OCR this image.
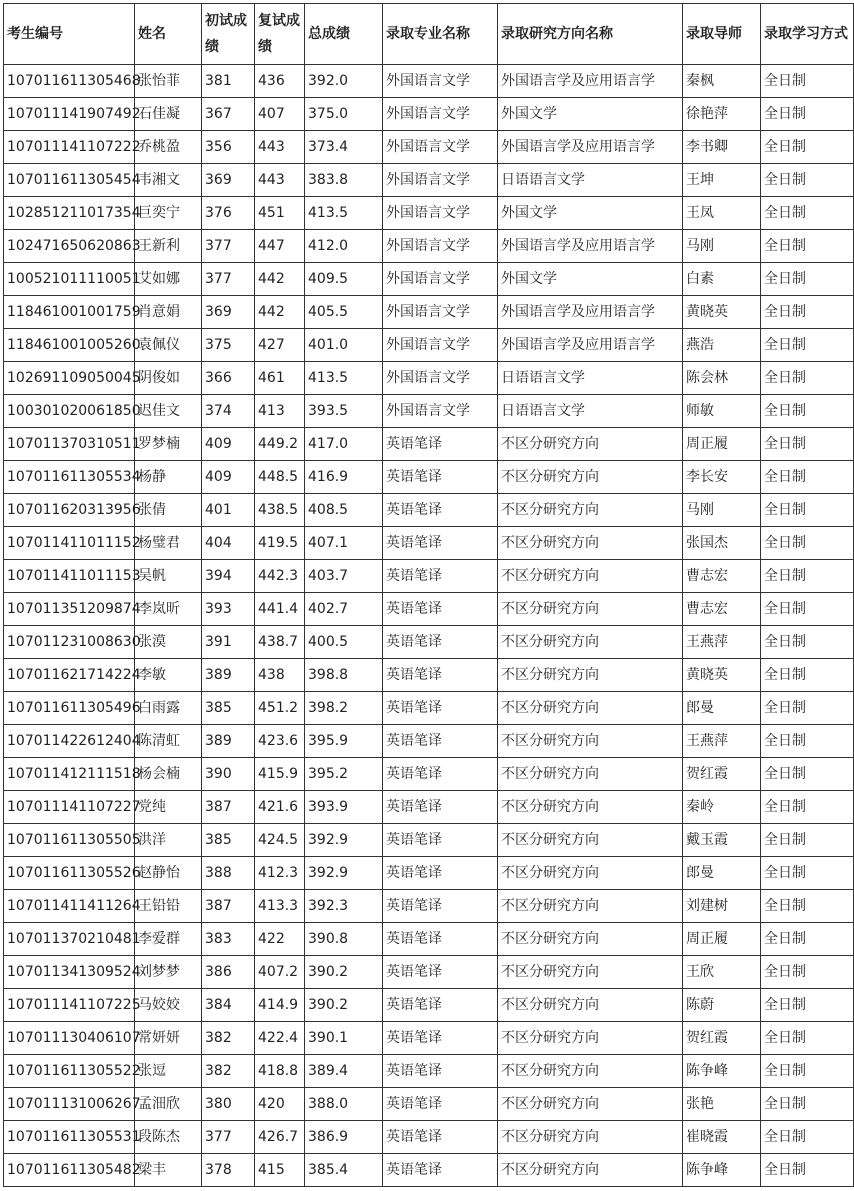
考生编号	姓名	初试成绩	复试成绩	总成绩	录取专业名称	录取研究方向名称	录取导师	录取学习方式
107011611305468	张怡菲	381	436	392.0	外国语言文学	外国语言学及应用语言学	秦枫	全日制
107011141907492	石佳凝	367	407	375.0	外国语言文学	外国文学	徐艳萍	全日制
107011141107222	乔桃盈	356	443	373.4	外国语言文学	外国语言学及应用语言学	李书卿	全日制
107011611305454	韦湘文	369	443	383.8	外国语言文学	日语语言文学	王坤	全日制
102851211017354	巨奕宁	376	451	413.5	外国语言文学	外国文学	王凤	全日制
102471650620863	王新利	377	447	412.0	外国语言文学	外国语言学及应用语言学	马刚	全日制
100521011110051	艾如娜	377	442	409.5	外国语言文学	外国文学	白素	全日制
118461001001759	肖意娟	369	442	405.5	外国语言文学	外国语言学及应用语言学	黄晓英	全日制
118461001005260	袁佩仪	375	427	401.0	外国语言文学	外国语言学及应用语言学	燕浩	全日制
102691109050045	阴俊如	366	461	413.5	外国语言文学	日语语言文学	陈会林	全日制
100301020061850	迟佳文	374	413	393.5	外国语言文学	日语语言文学	师敏	全日制
107011370310511	罗梦楠	409	449.2	417.0	英语笔译	不区分研究方向	周正履	全日制
107011611305534	杨静	409	448.5	416.9	英语笔译	不区分研究方向	李长安	全日制
107011620313956	张倩	401	438.5	408.5	英语笔译	不区分研究方向	马刚	全日制
107011411011152	杨璧君	404	419.5	407.1	英语笔译	不区分研究方向	张国杰	全日制
107011411011153	吴帆	394	442.3	403.7	英语笔译	不区分研究方向	曹志宏	全日制
107011351209874	李岚昕	393	441.4	402.7	英语笔译	不区分研究方向	曹志宏	全日制
107011231008630	张漠	391	438.7	400.5	英语笔译	不区分研究方向	王燕萍	全日制
107011621714224	李敏	389	438	398.8	英语笔译	不区分研究方向	黄晓英	全日制
107011611305496	白雨露	385	451.2	398.2	英语笔译	不区分研究方向	郎曼	全日制
107011422612404	陈清虹	389	423.6	395.9	英语笔译	不区分研究方向	王燕萍	全日制
107011412111518	杨会楠	390	415.9	395.2	英语笔译	不区分研究方向	贺红霞	全日制
107011141107227	党纯	387	421.6	393.9	英语笔译	不区分研究方向	秦岭	全日制
107011611305505	洪洋	385	424.5	392.9	英语笔译	不区分研究方向	戴玉霞	全日制
107011611305526	赵静怡	388	412.3	392.9	英语笔译	不区分研究方向	郎曼	全日制
107011411411264	王铅铅	387	413.3	392.3	英语笔译	不区分研究方向	刘建树	全日制
107011370210481	李爱群	383	422	390.8	英语笔译	不区分研究方向	周正履	全日制
107011341309524	刘梦梦	386	407.2	390.2	英语笔译	不区分研究方向	王欣	全日制
107011141107225	马姣姣	384	414.9	390.2	英语笔译	不区分研究方向	陈蔚	全日制
107011130406107	常妍妍	382	422.4	390.1	英语笔译	不区分研究方向	贺红霞	全日制
107011611305522	张逗	382	418.8	389.4	英语笔译	不区分研究方向	陈争峰	全日制
107011131006267	孟沺欣	380	420	388.0	英语笔译	不区分研究方向	张艳	全日制
107011611305531	段陈杰	377	426.7	386.9	英语笔译	不区分研究方向	崔晓霞	全日制
107011611305482	梁丰	378	415	385.4	英语笔译	不区分研究方向	陈争峰	全日制
